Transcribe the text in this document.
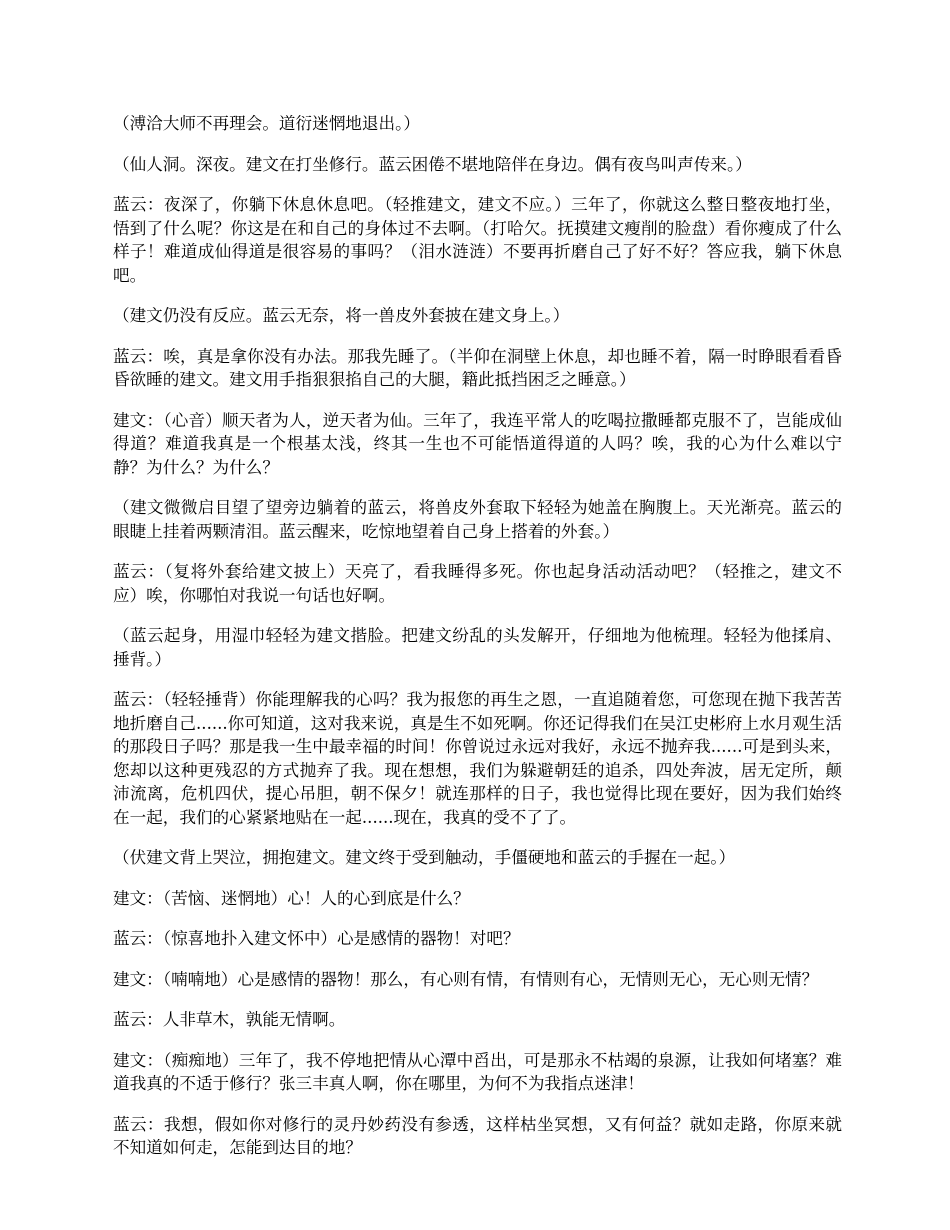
（溥洽大师不再理会。道衍迷惘地退出。）

（仙人洞。深夜。建文在打坐修行。蓝云困倦不堪地陪伴在身边。偶有夜鸟叫声传来。）

蓝云：夜深了，你躺下休息休息吧。（轻推建文，建文不应。）三年了，你就这么整日整夜地打坐，悟到了什么呢？你这是在和自己的身体过不去啊。（打哈欠。抚摸建文瘦削的脸盘）看你瘦成了什么样子！难道成仙得道是很容易的事吗？（泪水涟涟）不要再折磨自己了好不好？答应我，躺下休息吧。

（建文仍没有反应。蓝云无奈，将一兽皮外套披在建文身上。）

蓝云：唉，真是拿你没有办法。那我先睡了。（半仰在洞壁上休息，却也睡不着，隔一时睁眼看看昏昏欲睡的建文。建文用手指狠狠掐自己的大腿，籍此抵挡困乏之睡意。）

建文：（心音）顺天者为人，逆天者为仙。三年了，我连平常人的吃喝拉撒睡都克服不了，岂能成仙得道？难道我真是一个根基太浅，终其一生也不可能悟道得道的人吗？唉，我的心为什么难以宁静？为什么？为什么？

（建文微微启目望了望旁边躺着的蓝云，将兽皮外套取下轻轻为她盖在胸腹上。天光渐亮。蓝云的眼睫上挂着两颗清泪。蓝云醒来，吃惊地望着自己身上搭着的外套。）

蓝云：（复将外套给建文披上）天亮了，看我睡得多死。你也起身活动活动吧？（轻推之，建文不应）唉，你哪怕对我说一句话也好啊。

（蓝云起身，用湿巾轻轻为建文揩脸。把建文纷乱的头发解开，仔细地为他梳理。轻轻为他揉肩、捶背。）

蓝云：（轻轻捶背）你能理解我的心吗？我为报您的再生之恩，一直追随着您，可您现在抛下我苦苦地折磨自己......你可知道，这对我来说，真是生不如死啊。你还记得我们在吴江史彬府上水月观生活的那段日子吗？那是我一生中最幸福的时间！你曾说过永远对我好，永远不抛弃我......可是到头来，您却以这种更残忍的方式抛弃了我。现在想想，我们为躲避朝廷的追杀，四处奔波，居无定所，颠沛流离，危机四伏，提心吊胆，朝不保夕！就连那样的日子，我也觉得比现在要好，因为我们始终在一起，我们的心紧紧地贴在一起......现在，我真的受不了了。

（伏建文背上哭泣，拥抱建文。建文终于受到触动，手僵硬地和蓝云的手握在一起。）

建文：（苦恼、迷惘地）心！人的心到底是什么？

蓝云：（惊喜地扑入建文怀中）心是感情的器物！对吧？

建文：（喃喃地）心是感情的器物！那么，有心则有情，有情则有心，无情则无心，无心则无情？

蓝云：人非草木，孰能无情啊。

建文：（痴痴地）三年了，我不停地把情从心潭中舀出，可是那永不枯竭的泉源，让我如何堵塞？难道我真的不适于修行？张三丰真人啊，你在哪里，为何不为我指点迷津！

蓝云：我想，假如你对修行的灵丹妙药没有参透，这样枯坐冥想，又有何益？就如走路，你原来就不知道如何走，怎能到达目的地？
